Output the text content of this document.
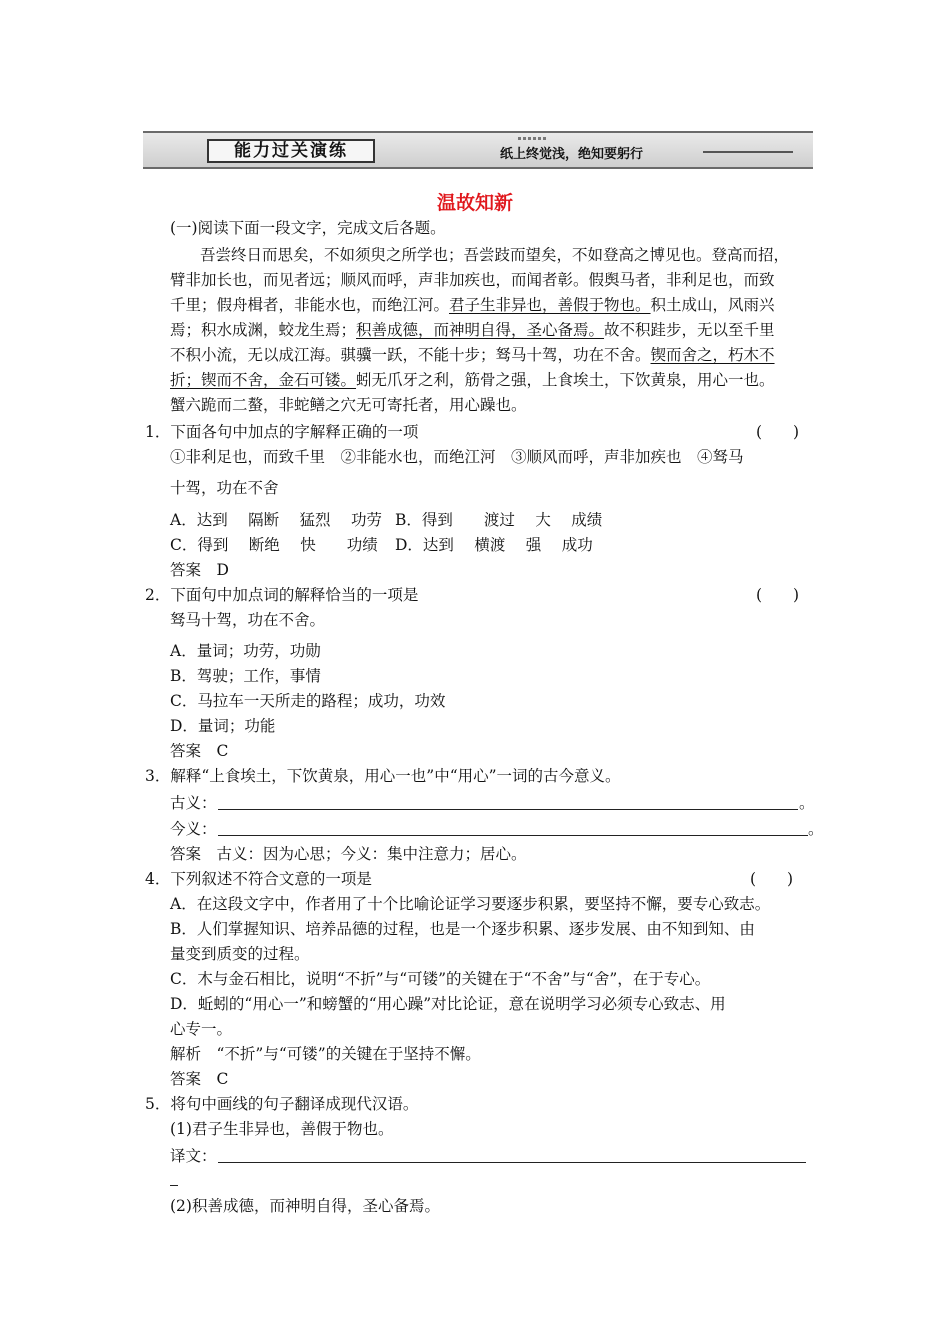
能力过关演练	纸上终觉浅，绝知要躬行
温故知新
(一)阅读下面一段文字，完成文后各题。
吾尝终日而思矣，不如须臾之所学也；吾尝跂而望矣，不如登高之博见也。登高而招，
臂非加长也，而见者远；顺风而呼，声非加疾也，而闻者彰。假舆马者，非利足也，而致
千里；假舟楫者，非能水也，而绝江河。君子生非异也，善假于物也。积土成山，风雨兴
焉；积水成渊，蛟龙生焉；积善成德，而神明自得，圣心备焉。故不积跬步，无以至千里
不积小流，无以成江海。骐骥一跃，不能十步；驽马十驾，功在不舍。锲而舍之，朽木不
折；锲而不舍，金石可镂。蚓无爪牙之利，筋骨之强，上食埃土，下饮黄泉，用心一也。
蟹六跪而二螯，非蛇鳝之穴无可寄托者，用心躁也。
1．下面各句中加点的字解释正确的一项	(　　)
①非利足也，而致千里　②非能水也，而绝江河　③顺风而呼，声非加疾也　④驽马
十驾，功在不舍
A．达到　 隔断　 猛烈　 功劳 B．得到　　渡过　 大　 成绩
C．得到　 断绝　 快　　功绩 D．达到　 横渡　 强　 成功
答案　D
2．下面句中加点词的解释恰当的一项是	(　　)
驽马十驾，功在不舍。
A．量词；功劳，功勋
B．驾驶；工作，事情
C．马拉车一天所走的路程；成功，功效
D．量词；功能
答案　C
3．解释“上食埃土，下饮黄泉，用心一也”中“用心”一词的古今意义。
古义：	。
今义：	。
答案　古义：因为心思；今义：集中注意力；居心。
4．下列叙述不符合文意的一项是	(　　)
A．在这段文字中，作者用了十个比喻论证学习要逐步积累，要坚持不懈，要专心致志。
B．人们掌握知识、培养品德的过程，也是一个逐步积累、逐步发展、由不知到知、由
量变到质变的过程。
C．木与金石相比，说明“不折”与“可镂”的关键在于“不舍”与“舍”，在于专心。
D．蚯蚓的“用心一”和螃蟹的“用心躁”对比论证，意在说明学习必须专心致志、用
心专一。
解析　“不折”与“可镂”的关键在于坚持不懈。
答案　C
5．将句中画线的句子翻译成现代汉语。
(1)君子生非异也，善假于物也。
译文：
(2)积善成德，而神明自得，圣心备焉。
